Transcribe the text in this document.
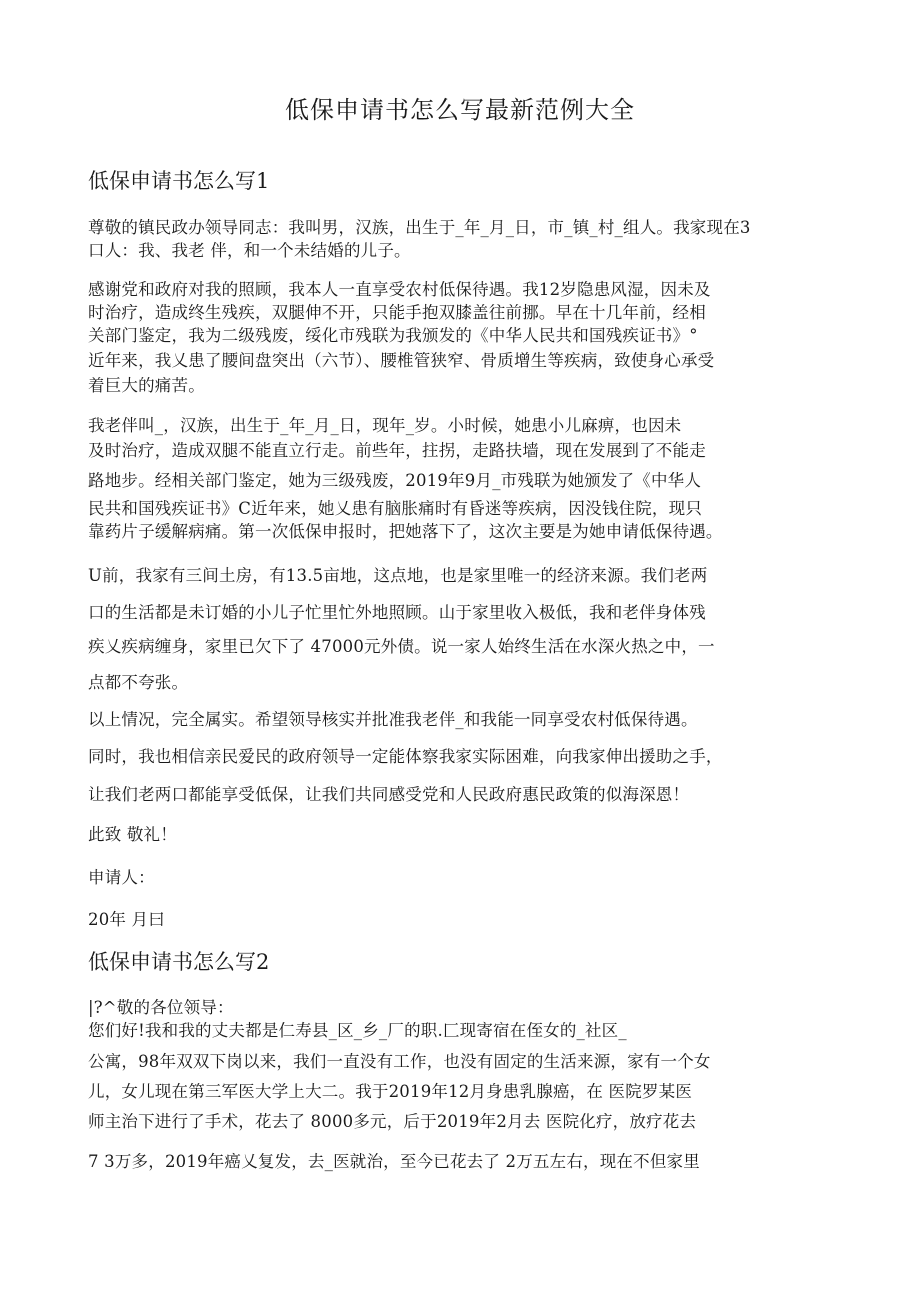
低保申请书怎么写最新范例大全
低保申请书怎么写1
尊敬的镇民政办领导同志：我叫男，汉族，出生于_年_月_日，市_镇_村_组人。我家现在3
口人：我、我老 伴，和一个未结婚的儿子。
感谢党和政府对我的照顾，我本人一直享受农村低保待遇。我12岁隐患风湿，因未及
时治疗，造成终生残疾，双腿伸不开，只能手抱双膝盖往前挪。早在十几年前，经相
关部门鉴定，我为二级残废，绥化市残联为我颁发的《中华人民共和国残疾证书》°
近年来，我乂患了腰间盘突出（六节）、腰椎管狭窄、骨质增生等疾病，致使身心承受
着巨大的痛苦。
我老伴叫_，汉族，出生于_年_月_日，现年_岁。小时候，她患小儿麻痹，也因未
及时治疗，造成双腿不能直立行走。前些年，拄拐，走路扶墙，现在发展到了不能走
路地步。经相关部门鉴定，她为三级残废，2019年9月_市残联为她颁发了《中华人
民共和国残疾证书》C近年来，她乂患有脑胀痛时有昏迷等疾病，因没钱住院，现只
靠药片子缓解病痛。第一次低保申报时，把她落下了，这次主要是为她申请低保待遇。
U前，我家有三间土房，有13.5亩地，这点地，也是家里唯一的经济来源。我们老两
口的生活都是未订婚的小儿子忙里忙外地照顾。山于家里收入极低，我和老伴身体残
疾乂疾病缠身，家里已欠下了 47000元外债。说一家人始终生活在水深火热之中，一
点都不夸张。
以上情况，完全属实。希望领导核实并批准我老伴_和我能一同享受农村低保待遇。
同时，我也相信亲民爱民的政府领导一定能体察我家实际困难，向我家伸出援助之手，
让我们老两口都能享受低保，让我们共同感受党和人民政府惠民政策的似海深恩！
此致 敬礼！
申请人：
20年 月曰
低保申请书怎么写2
|?^敬的各位领导：
您们好!我和我的丈夫都是仁寿县_区_乡_厂的职.匚现寄宿在侄女的_社区_
公寓，98年双双下岗以来，我们一直没有工作，也没有固定的生活来源，家有一个女
儿，女儿现在第三军医大学上大二。我于2019年12月身患乳腺癌，在 医院罗某医
师主治下进行了手术，花去了 8000多元，后于2019年2月去 医院化疗，放疗花去
7 3万多，2019年癌乂复发，去_医就治，至今已花去了 2万五左右，现在不但家里
